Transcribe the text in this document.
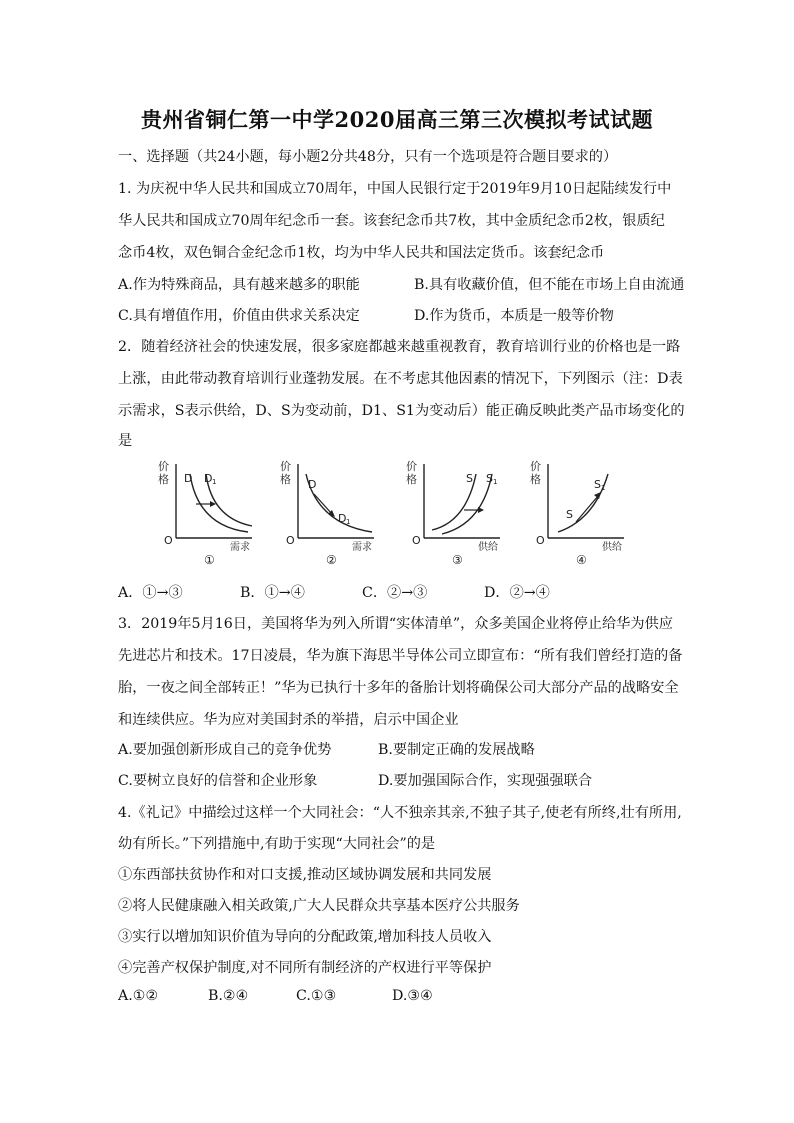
贵州省铜仁第一中学2020届高三第三次模拟考试试题
一、选择题（共24小题，每小题2分共48分，只有一个选项是符合题目要求的）
1. 为庆祝中华人民共和国成立70周年，中国人民银行定于2019年9月10日起陆续发行中
华人民共和国成立70周年纪念币一套。该套纪念币共7枚，其中金质纪念币2枚，银质纪
念币4枚，双色铜合金纪念币1枚，均为中华人民共和国法定货币。该套纪念币
A.作为特殊商品，具有越来越多的职能	B.具有收藏价值，但不能在市场上自由流通
C.具有增值作用，价值由供求关系决定	D.作为货币，本质是一般等价物
2．随着经济社会的快速发展，很多家庭都越来越重视教育，教育培训行业的价格也是一路
上涨，由此带动教育培训行业蓬勃发展。在不考虑其他因素的情况下，下列图示（注：D表
示需求，S表示供给，D、S为变动前，D1、S1为变动后）能正确反映此类产品市场变化的
是
价
格 D D 1
O
需求
①
价
格 D
D 1
O
需求
②
价
格	S S 1
O
供给
③
价
格
S
S 1
O
供给
④
A．①→③	B．①→④	C．②→③	D．②→④
3．2019年5月16日，美国将华为列入所谓“实体清单”，众多美国企业将停止给华为供应
先进芯片和技术。17日凌晨，华为旗下海思半导体公司立即宣布：“所有我们曾经打造的备
胎，一夜之间全部转正！”华为已执行十多年的备胎计划将确保公司大部分产品的战略安全
和连续供应。华为应对美国封杀的举措，启示中国企业
A.要加强创新形成自己的竞争优势	B.要制定正确的发展战略
C.要树立良好的信誉和企业形象	D.要加强国际合作，实现强强联合
4.《礼记》中描绘过这样一个大同社会：“人不独亲其亲,不独子其子,使老有所终,壮有所用,
幼有所长。”下列措施中,有助于实现“大同社会”的是
①东西部扶贫协作和对口支援,推动区域协调发展和共同发展
②将人民健康融入相关政策,广大人民群众共享基本医疗公共服务
③实行以增加知识价值为导向的分配政策,增加科技人员收入
④完善产权保护制度,对不同所有制经济的产权进行平等保护
A.①②	B.②④	C.①③	D.③④
